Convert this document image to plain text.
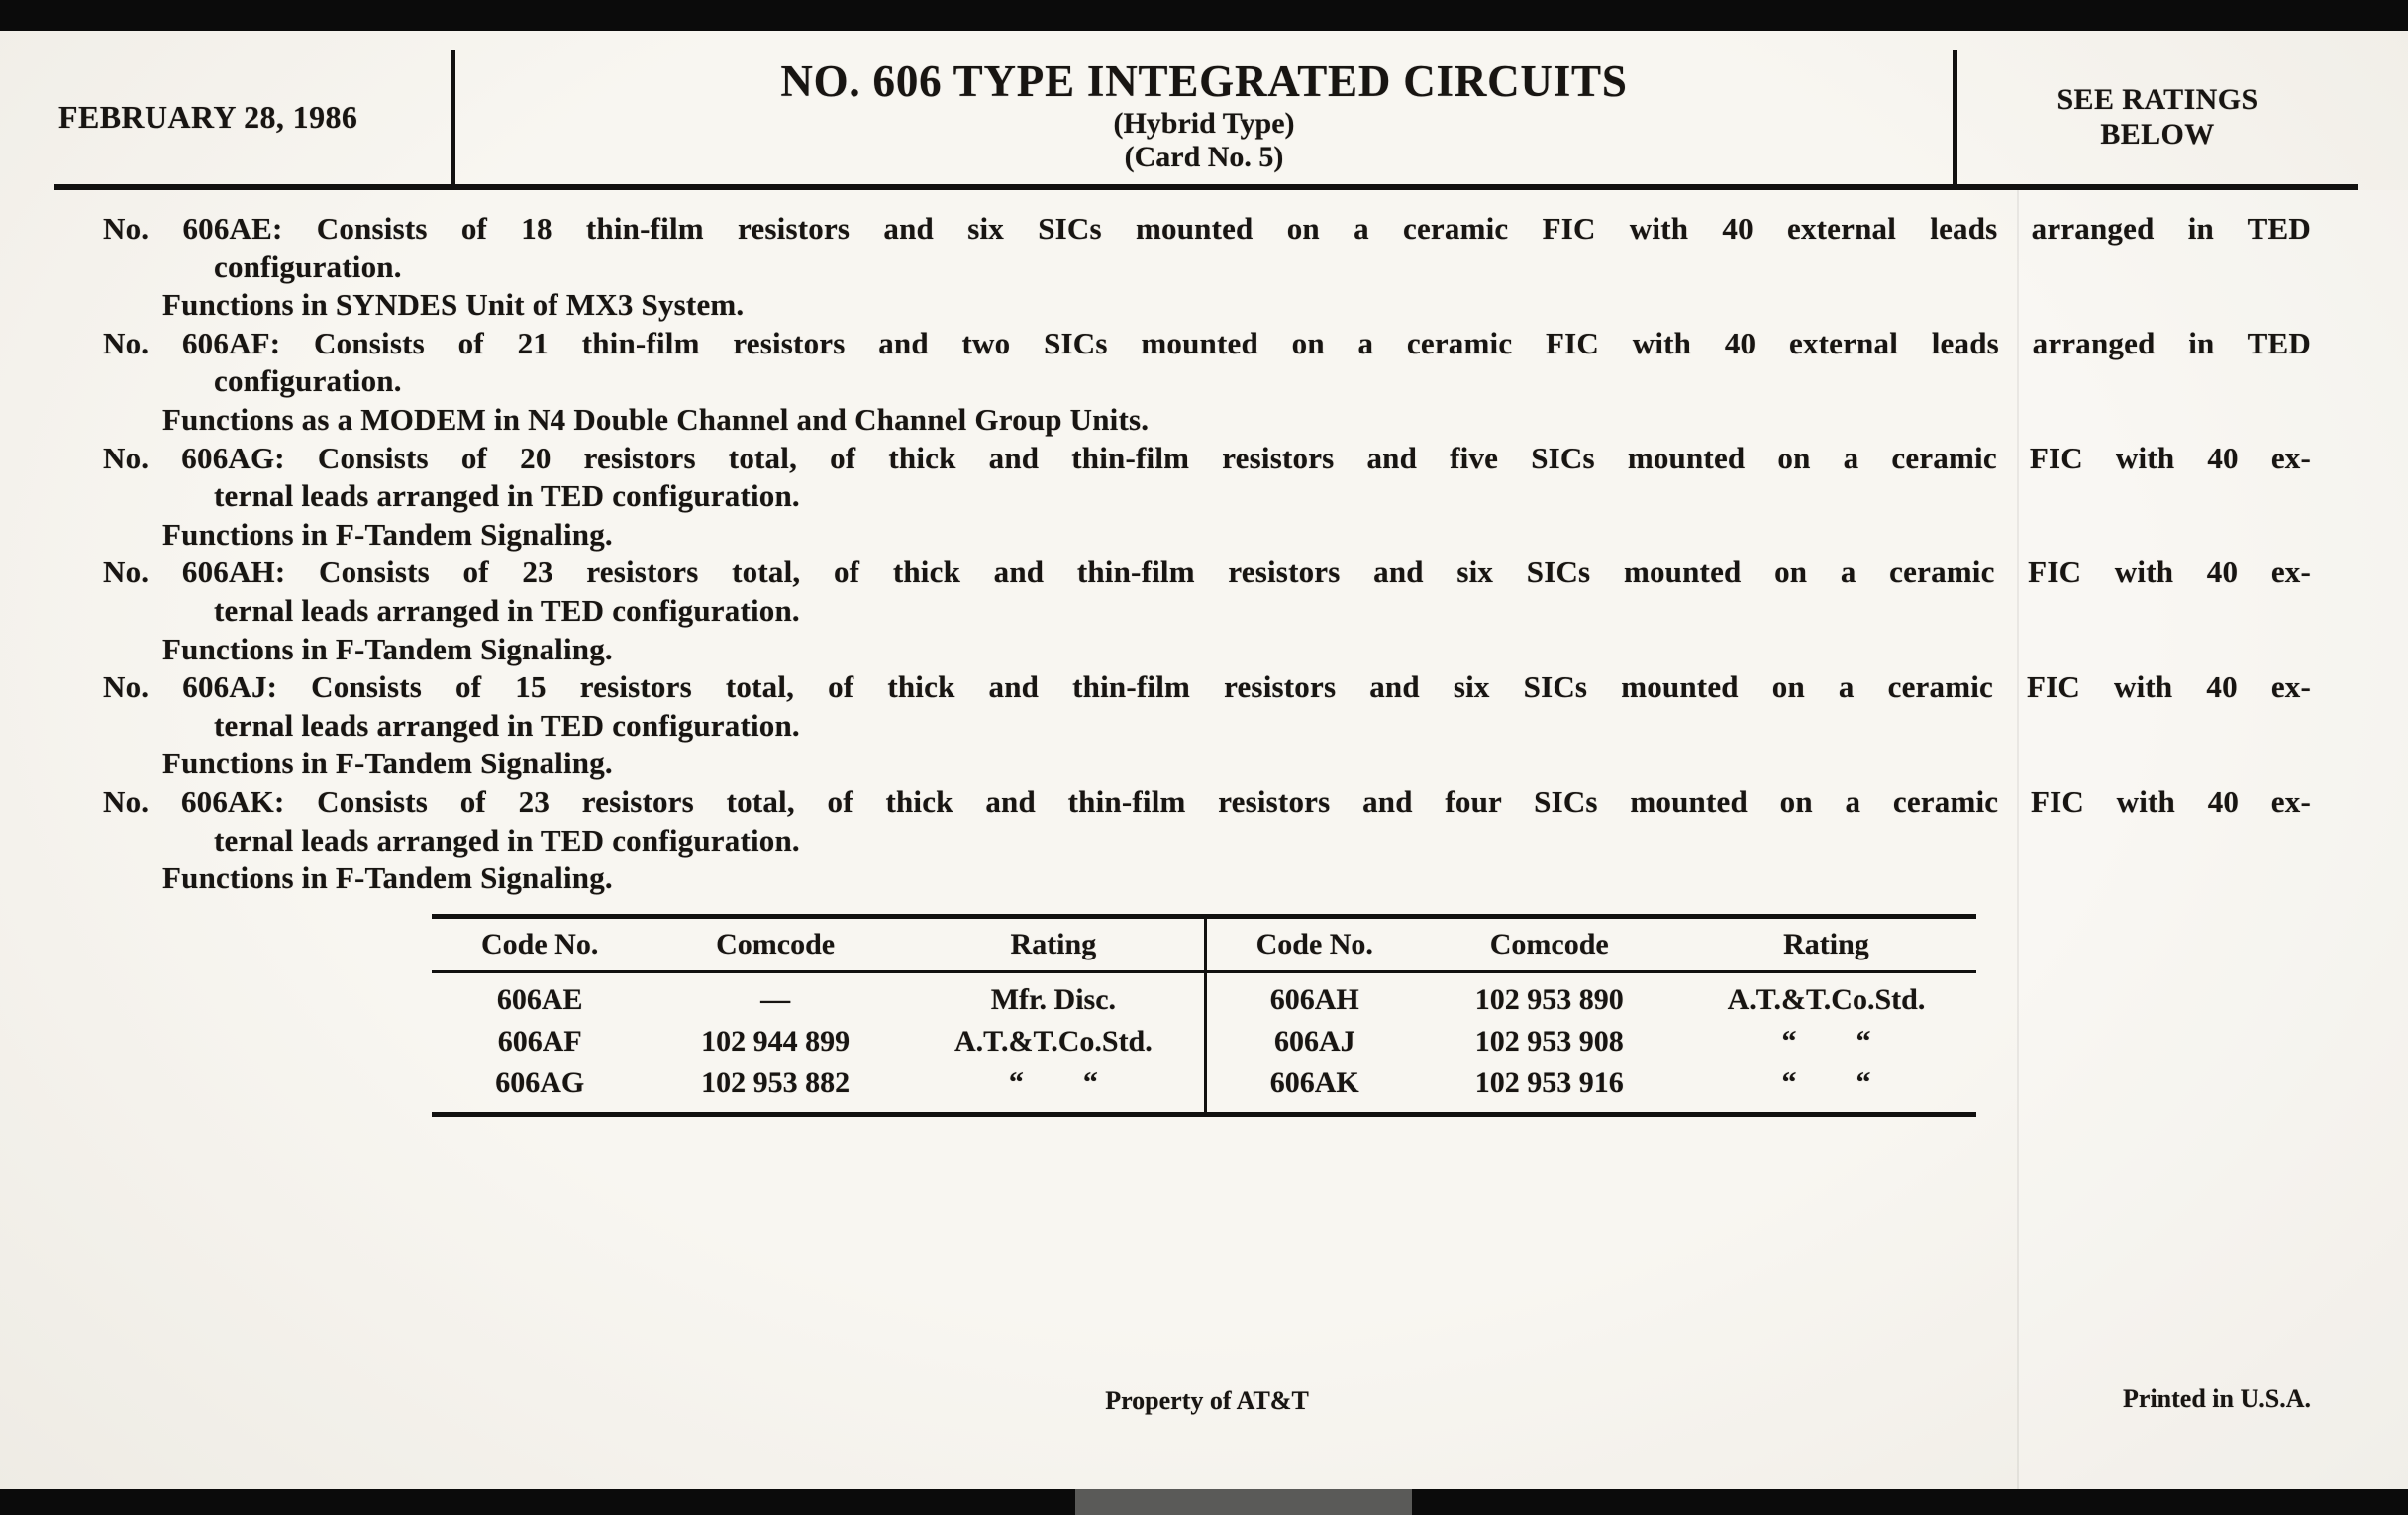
FEBRUARY 28, 1986
NO. 606 TYPE INTEGRATED CIRCUITS
(Hybrid Type)
(Card No. 5)
SEE RATINGS
BELOW
No. 606AE: Consists of 18 thin-film resistors and six SICs mounted on a ceramic FIC with 40 external leads arranged in TED
configuration.
Functions in SYNDES Unit of MX3 System.
No. 606AF: Consists of 21 thin-film resistors and two SICs mounted on a ceramic FIC with 40 external leads arranged in TED
configuration.
Functions as a MODEM in N4 Double Channel and Channel Group Units.
No. 606AG: Consists of 20 resistors total, of thick and thin-film resistors and five SICs mounted on a ceramic FIC with 40 ex-
ternal leads arranged in TED configuration.
Functions in F-Tandem Signaling.
No. 606AH: Consists of 23 resistors total, of thick and thin-film resistors and six SICs mounted on a ceramic FIC with 40 ex-
ternal leads arranged in TED configuration.
Functions in F-Tandem Signaling.
No. 606AJ: Consists of 15 resistors total, of thick and thin-film resistors and six SICs mounted on a ceramic FIC with 40 ex-
ternal leads arranged in TED configuration.
Functions in F-Tandem Signaling.
No. 606AK: Consists of 23 resistors total, of thick and thin-film resistors and four SICs mounted on a ceramic FIC with 40 ex-
ternal leads arranged in TED configuration.
Functions in F-Tandem Signaling.
Code No.	Comcode	Rating
606AE	—	Mfr. Disc.
606AF	102 944 899	A.T.&T.Co.Std.
606AG	102 953 882	“  “
Code No.	Comcode	Rating
606AH	102 953 890	A.T.&T.Co.Std.
606AJ	102 953 908	“  “
606AK	102 953 916	“  “
Property of AT&T	Printed in U.S.A.
